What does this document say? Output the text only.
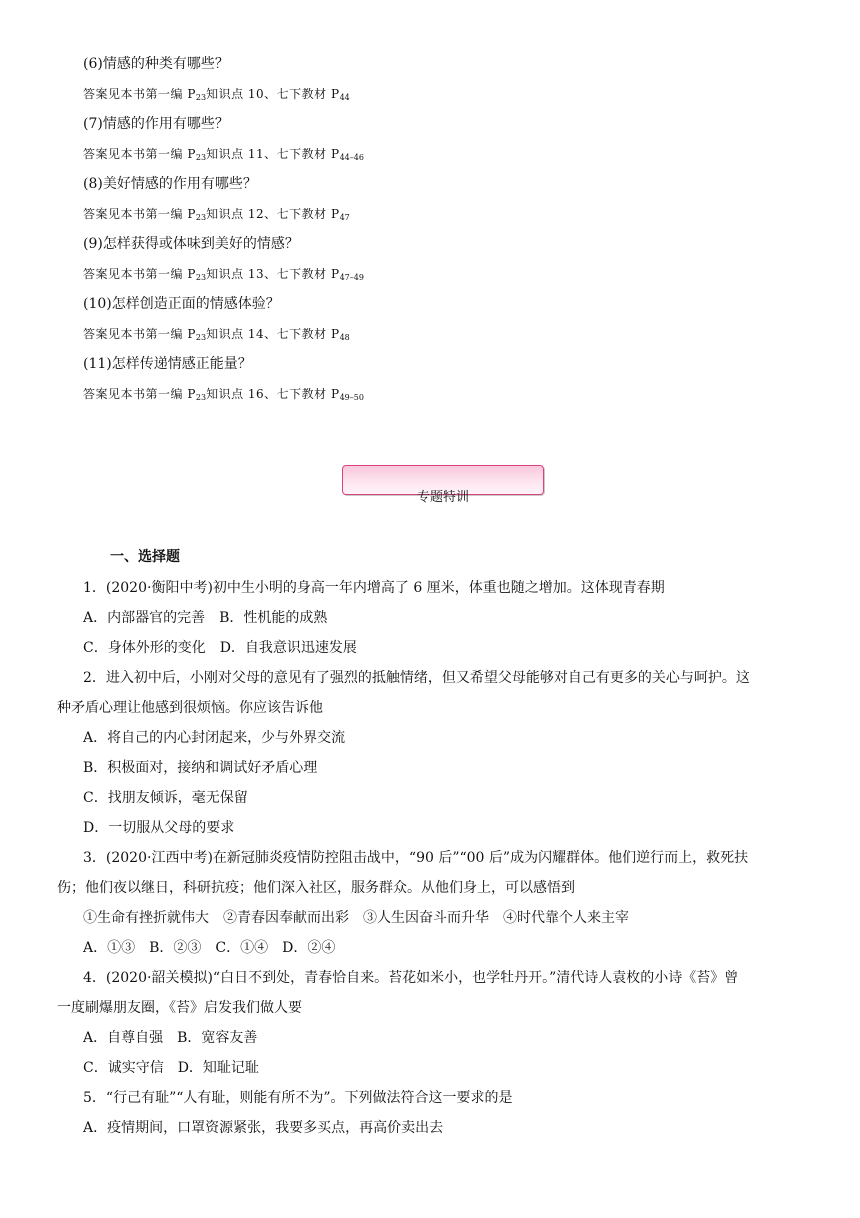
(6)情感的种类有哪些？
答案见本书第一编 $P_{23}$知识点 10、七下教材 $P_{44}$
(7)情感的作用有哪些？
答案见本书第一编 $P_{23}$知识点 11、七下教材 $P_{44-46}$
(8)美好情感的作用有哪些？
答案见本书第一编 $P_{23}$知识点 12、七下教材 $P_{47}$
(9)怎样获得或体味到美好的情感？
答案见本书第一编 $P_{23}$知识点 13、七下教材 $P_{47-49}$
(10)怎样创造正面的情感体验？
答案见本书第一编 $P_{23}$知识点 14、七下教材 $P_{48}$
(11)怎样传递情感正能量？
答案见本书第一编 $P_{23}$知识点 16、七下教材 $P_{49-50}$
专题特训
一、选择题
1．(2020·衡阳中考)初中生小明的身高一年内增高了 6 厘米，体重也随之增加。这体现青春期
A．内部器官的完善　B．性机能的成熟
C．身体外形的变化　D．自我意识迅速发展
2．进入初中后，小刚对父母的意见有了强烈的抵触情绪，但又希望父母能够对自己有更多的关心与呵护。这
种矛盾心理让他感到很烦恼。你应该告诉他
A．将自己的内心封闭起来，少与外界交流
B．积极面对，接纳和调试好矛盾心理
C．找朋友倾诉，毫无保留
D．一切服从父母的要求
3．(2020·江西中考)在新冠肺炎疫情防控阻击战中，“90 后”“00 后”成为闪耀群体。他们逆行而上，救死扶
伤；他们夜以继日，科研抗疫；他们深入社区，服务群众。从他们身上，可以感悟到
①生命有挫折就伟大　②青春因奉献而出彩　③人生因奋斗而升华　④时代靠个人来主宰
A．①③　B．②③　C．①④　D．②④
4．(2020·韶关模拟)“白日不到处，青春恰自来。苔花如米小，也学牡丹开。”清代诗人袁枚的小诗《苔》曾
一度刷爆朋友圈，《苔》启发我们做人要
A．自尊自强　B．宽容友善
C．诚实守信　D．知耻记耻
5．“行己有耻”“人有耻，则能有所不为”。下列做法符合这一要求的是
A．疫情期间，口罩资源紧张，我要多买点，再高价卖出去
